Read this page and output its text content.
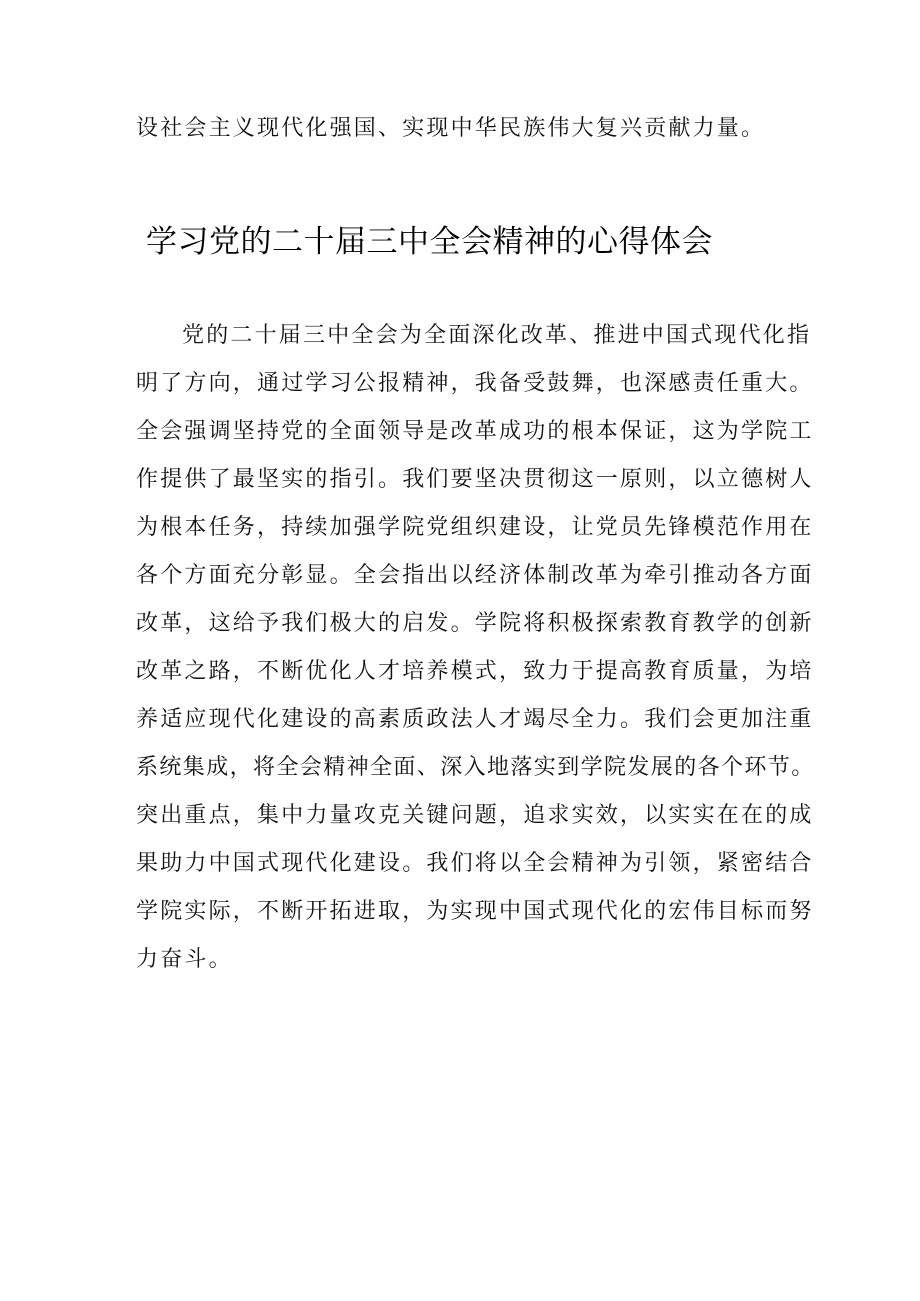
设社会主义现代化强国、实现中华民族伟大复兴贡献力量。
学习党的二十届三中全会精神的心得体会
党的二十届三中全会为全面深化改革、推进中国式现代化指
明了方向，通过学习公报精神，我备受鼓舞，也深感责任重大。
全会强调坚持党的全面领导是改革成功的根本保证，这为学院工
作提供了最坚实的指引。我们要坚决贯彻这一原则，以立德树人
为根本任务，持续加强学院党组织建设，让党员先锋模范作用在
各个方面充分彰显。全会指出以经济体制改革为牵引推动各方面
改革，这给予我们极大的启发。学院将积极探索教育教学的创新
改革之路，不断优化人才培养模式，致力于提高教育质量，为培
养适应现代化建设的高素质政法人才竭尽全力。我们会更加注重
系统集成，将全会精神全面、深入地落实到学院发展的各个环节。
突出重点，集中力量攻克关键问题，追求实效，以实实在在的成
果助力中国式现代化建设。我们将以全会精神为引领，紧密结合
学院实际，不断开拓进取，为实现中国式现代化的宏伟目标而努
力奋斗。
